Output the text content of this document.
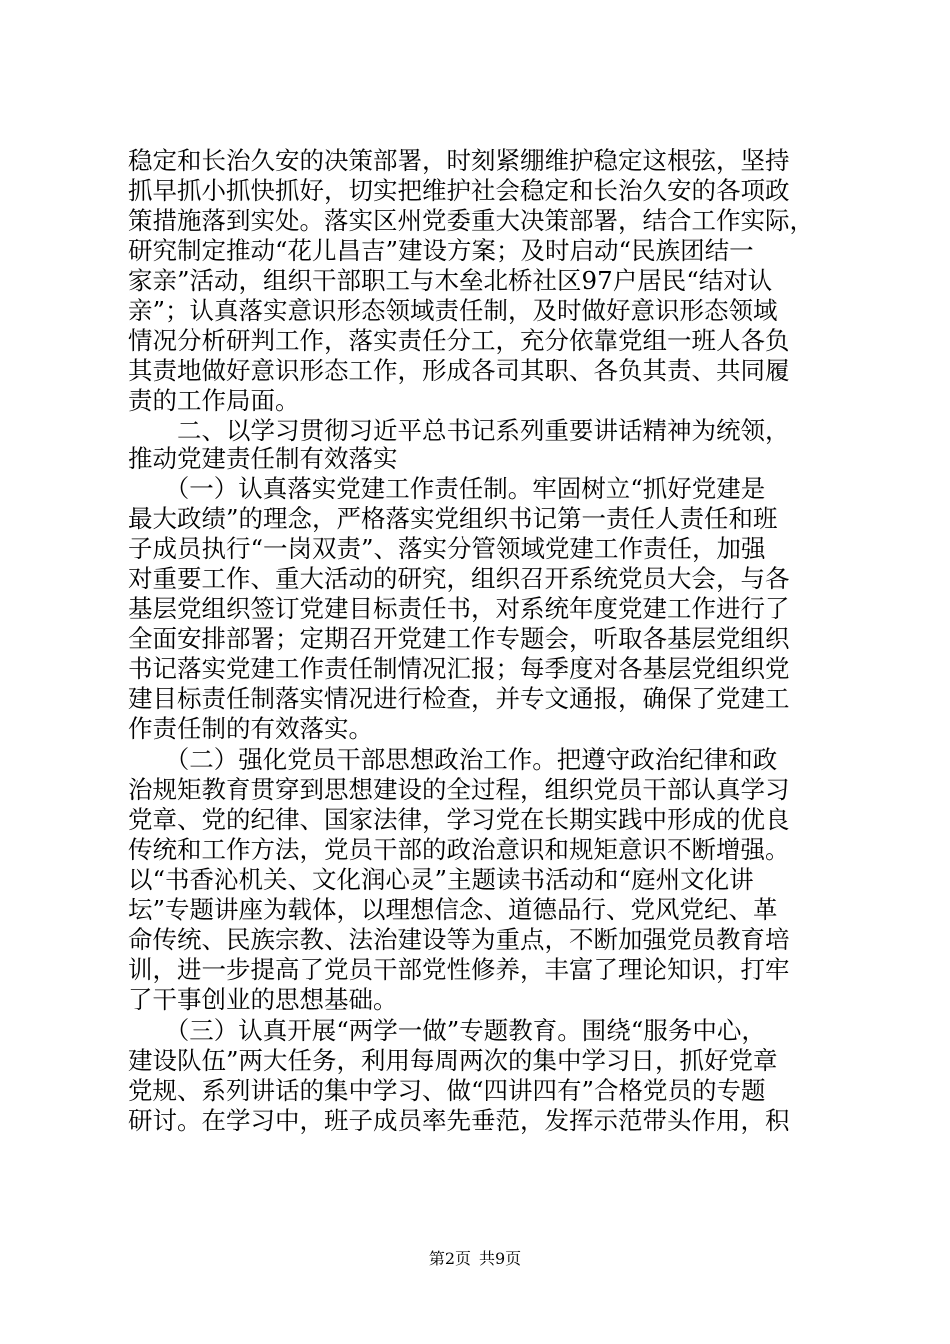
稳定和长治久安的决策部署，时刻紧绷维护稳定这根弦，坚持
抓早抓小抓快抓好，切实把维护社会稳定和长治久安的各项政
策措施落到实处。落实区州党委重大决策部署，结合工作实际，
研究制定推动“花儿昌吉”建设方案；及时启动“民族团结一
家亲”活动，组织干部职工与木垒北桥社区97户居民“结对认
亲”；认真落实意识形态领域责任制，及时做好意识形态领域
情况分析研判工作，落实责任分工，充分依靠党组一班人各负
其责地做好意识形态工作，形成各司其职、各负其责、共同履
责的工作局面。
　　二、以学习贯彻习近平总书记系列重要讲话精神为统领，
推动党建责任制有效落实
　　（一）认真落实党建工作责任制。牢固树立“抓好党建是
最大政绩”的理念，严格落实党组织书记第一责任人责任和班
子成员执行“一岗双责”、落实分管领域党建工作责任，加强
对重要工作、重大活动的研究，组织召开系统党员大会，与各
基层党组织签订党建目标责任书，对系统年度党建工作进行了
全面安排部署；定期召开党建工作专题会，听取各基层党组织
书记落实党建工作责任制情况汇报；每季度对各基层党组织党
建目标责任制落实情况进行检查，并专文通报，确保了党建工
作责任制的有效落实。
　　（二）强化党员干部思想政治工作。把遵守政治纪律和政
治规矩教育贯穿到思想建设的全过程，组织党员干部认真学习
党章、党的纪律、国家法律，学习党在长期实践中形成的优良
传统和工作方法，党员干部的政治意识和规矩意识不断增强。
以“书香沁机关、文化润心灵”主题读书活动和“庭州文化讲
坛”专题讲座为载体，以理想信念、道德品行、党风党纪、革
命传统、民族宗教、法治建设等为重点，不断加强党员教育培
训，进一步提高了党员干部党性修养，丰富了理论知识，打牢
了干事创业的思想基础。
　　（三）认真开展“两学一做”专题教育。围绕“服务中心，
建设队伍”两大任务，利用每周两次的集中学习日，抓好党章
党规、系列讲话的集中学习、做“四讲四有”合格党员的专题
研讨。在学习中，班子成员率先垂范，发挥示范带头作用，积
第2页 共9页
